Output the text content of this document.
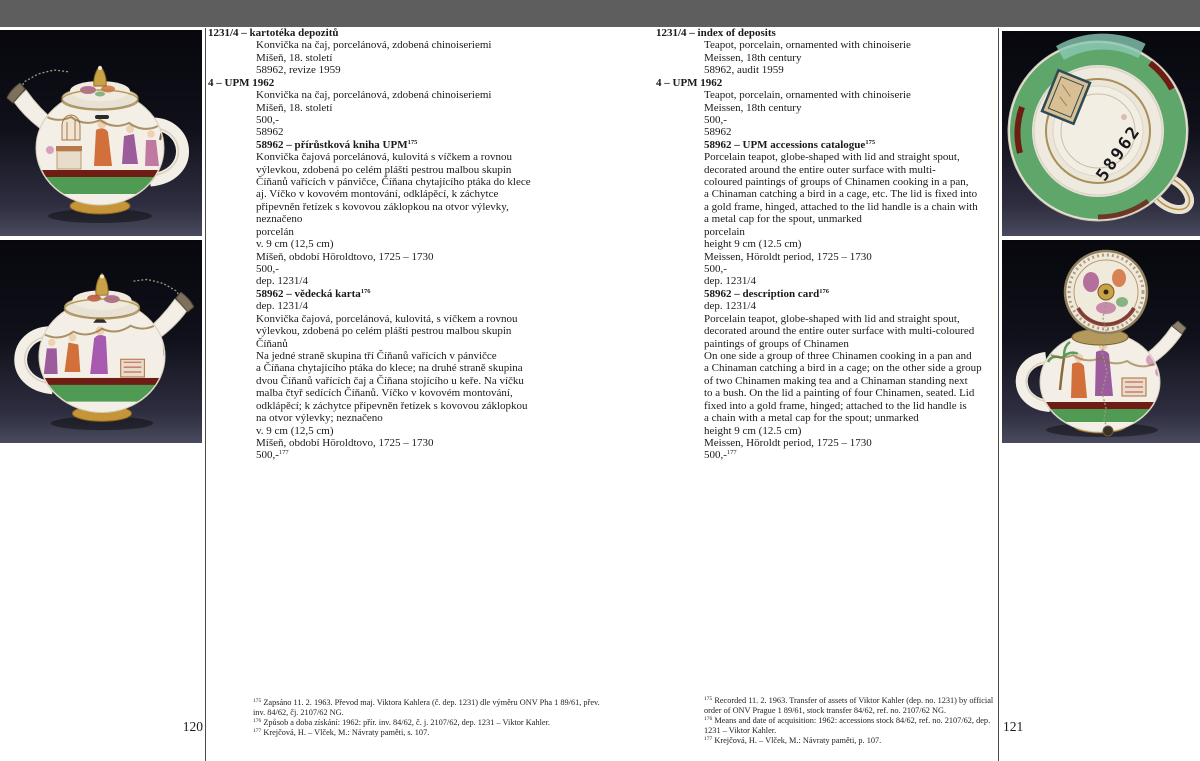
58962
1231/4 – kartotéka depozitů
Konvička na čaj, porcelánová, zdobená chinoiseriemi
Míšeň, 18. století
58962, revize 1959
4 – UPM 1962
Konvička na čaj, porcelánová, zdobená chinoiseriemi
Míšeň, 18. století
500,-
58962
58962 – přírůstková kniha UPM$^{175}$
Konvička čajová porcelánová, kulovitá s víčkem a rovnou
výlevkou, zdobená po celém plášti pestrou malbou skupin
Číňanů vařících v pánvičce, Číňana chytajícího ptáka do klece
aj. Víčko v kovovém montování, odklápěcí, k záchytce
připevněn řetízek s kovovou záklopkou na otvor výlevky,
neznačeno
porcelán
v. 9 cm (12,5 cm)
Míšeň, období Höroldtovo, 1725 – 1730
500,-
dep. 1231/4
58962 – vědecká karta$^{176}$
dep. 1231/4
Konvička čajová, porcelánová, kulovitá, s víčkem a rovnou
výlevkou, zdobená po celém plášti pestrou malbou skupin
Číňanů
Na jedné straně skupina tří Číňanů vařících v pánvičce
a Číňana chytajícího ptáka do klece; na druhé straně skupina
dvou Číňanů vařících čaj a Číňana stojícího u keře. Na víčku
malba čtyř sedících Číňanů. Víčko v kovovém montování,
odklápěcí; k záchytce připevněn řetízek s kovovou záklopkou
na otvor výlevky; neznačeno
v. 9 cm (12,5 cm)
Míšeň, období Höroldtovo, 1725 – 1730
500,-$^{177}$
1231/4 – index of deposits
Teapot, porcelain, ornamented with chinoiserie
Meissen, 18th century
58962, audit 1959
4 – UPM 1962
Teapot, porcelain, ornamented with chinoiserie
Meissen, 18th century
500,-
58962
58962 – UPM accessions catalogue$^{175}$
Porcelain teapot, globe-shaped with lid and straight spout,
decorated around the entire outer surface with multi-
coloured paintings of groups of Chinamen cooking in a pan,
a Chinaman catching a bird in a cage, etc. The lid is fixed into
a gold frame, hinged, attached to the lid handle is a chain with
a metal cap for the spout, unmarked
porcelain
height 9 cm (12.5 cm)
Meissen, Höroldt period, 1725 – 1730
500,-
dep. 1231/4
58962 – description card$^{176}$
dep. 1231/4
Porcelain teapot, globe-shaped with lid and straight spout,
decorated around the entire outer surface with multi-coloured
paintings of groups of Chinamen
On one side a group of three Chinamen cooking in a pan and
a Chinaman catching a bird in a cage; on the other side a group
of two Chinamen making tea and a Chinaman standing next
to a bush. On the lid a painting of four Chinamen, seated. Lid
fixed into a gold frame, hinged; attached to the lid handle is
a chain with a metal cap for the spout; unmarked
height 9 cm (12.5 cm)
Meissen, Höroldt period, 1725 – 1730
500,-$^{177}$
$^{175}$ Zapsáno 11. 2. 1963. Převod maj. Viktora Kahlera (č. dep. 1231) dle výměru ONV Pha 1 89/61, přev. inv. 84/62, čj. 2107/62 NG.
$^{176}$ Způsob a doba získání: 1962: přír. inv. 84/62, č. j. 2107/62, dep. 1231 – Viktor Kahler.
$^{177}$ Krejčová, H. – Vlček, M.: Návraty paměti, s. 107.
$^{175}$ Recorded 11. 2. 1963. Transfer of assets of Viktor Kahler (dep. no. 1231) by official order of ONV Prague 1 89/61, stock transfer 84/62, ref. no. 2107/62 NG.
$^{176}$ Means and date of acquisition: 1962: accessions stock 84/62, ref. no. 2107/62, dep. 1231 – Viktor Kahler.
$^{177}$ Krejčová, H. – Vlček, M.: Návraty paměti, p. 107.
120	121
